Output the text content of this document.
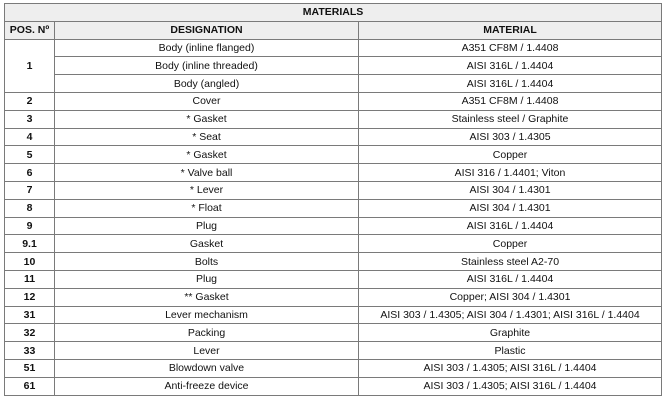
MATERIALS		
POS. Nº	DESIGNATION	MATERIAL
1	Body (inline flanged)	A351 CF8M / 1.4408
	Body (inline threaded)	AISI 316L / 1.4404
	Body (angled)	AISI 316L / 1.4404
2	Cover	A351 CF8M / 1.4408
3	* Gasket	Stainless steel / Graphite
4	* Seat	AISI 303 / 1.4305
5	* Gasket	Copper
6	* Valve ball	AISI 316 / 1.4401; Viton
7	* Lever	AISI 304 / 1.4301
8	* Float	AISI 304 / 1.4301
9	Plug	AISI 316L / 1.4404
9.1	Gasket	Copper
10	Bolts	Stainless steel A2-70
11	Plug	AISI 316L / 1.4404
12	** Gasket	Copper; AISI 304 / 1.4301
31	Lever mechanism	AISI 303 / 1.4305; AISI 304 / 1.4301; AISI 316L / 1.4404
32	Packing	Graphite
33	Lever	Plastic
51	Blowdown valve	AISI 303 / 1.4305; AISI 316L / 1.4404
61	Anti-freeze device	AISI 303 / 1.4305; AISI 316L / 1.4404
